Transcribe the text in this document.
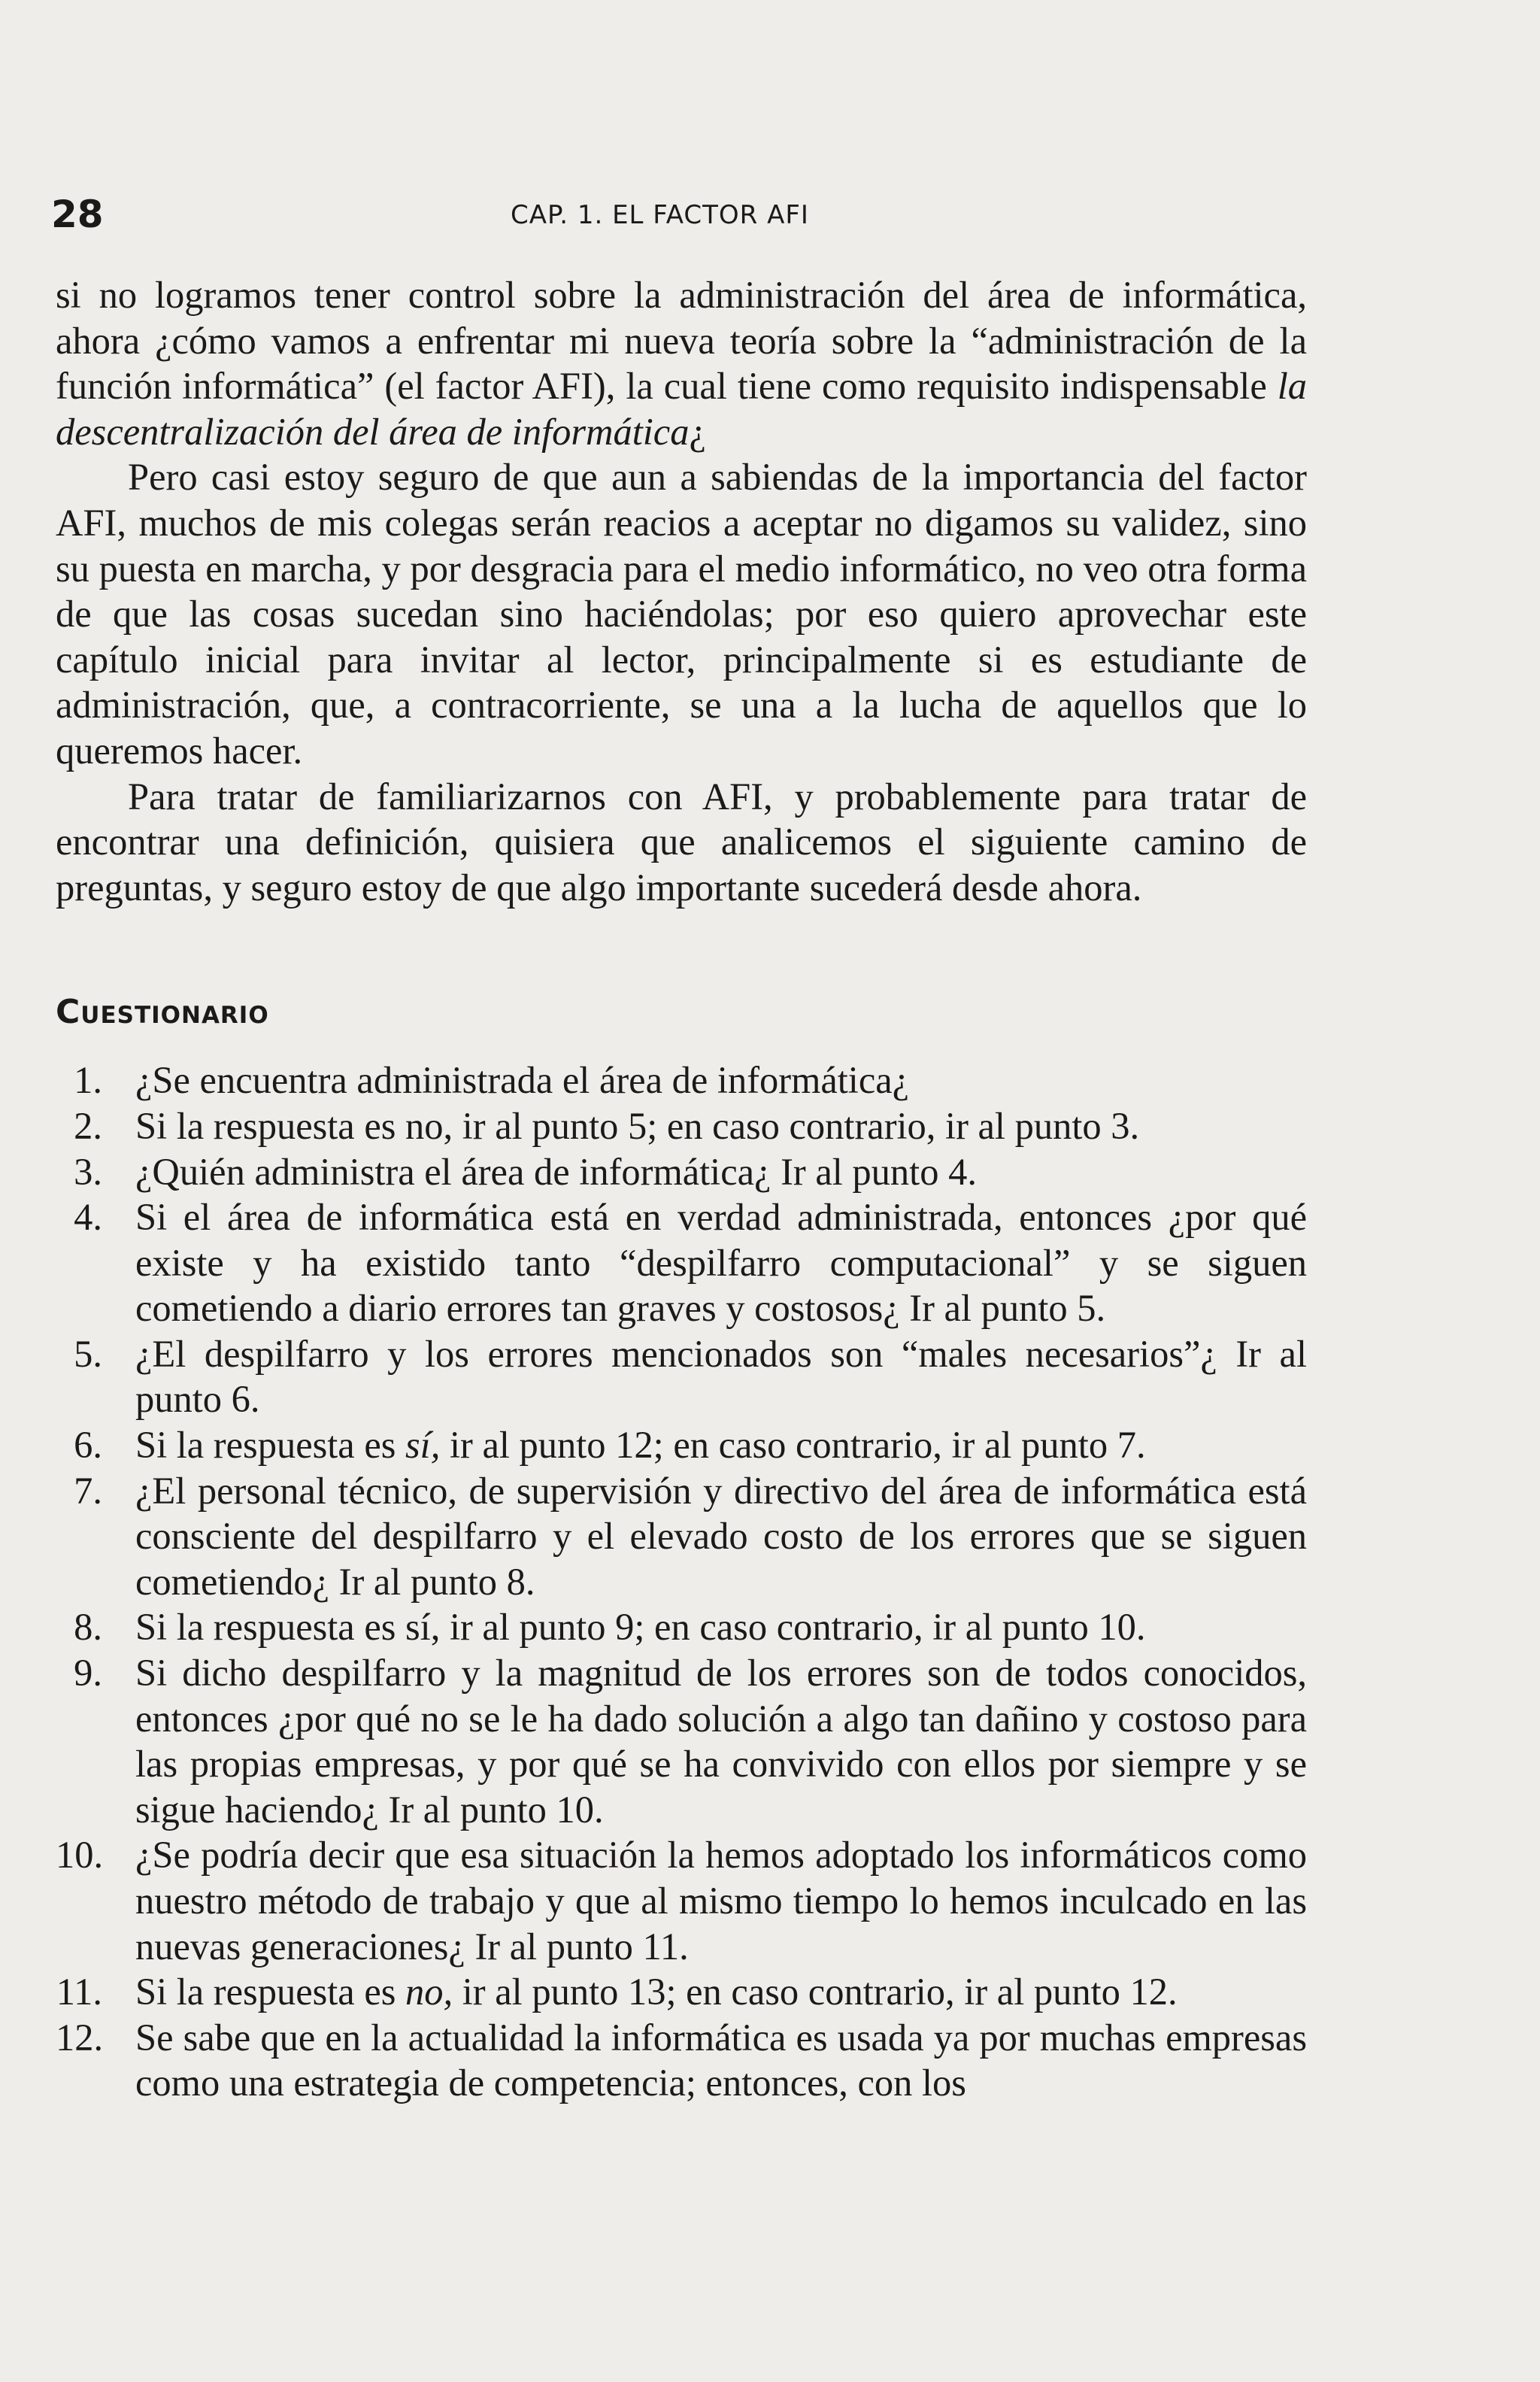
28	CAP. 1. EL FACTOR AFI

si no logramos tener control sobre la administración del área de informática, ahora ¿cómo vamos a enfrentar mi nueva teoría sobre la “administración de la función informática” (el factor AFI), la cual tiene como requisito indispensable la descentralización del área de informática¿

Pero casi estoy seguro de que aun a sabiendas de la importancia del factor AFI, muchos de mis colegas serán reacios a aceptar no digamos su validez, sino su puesta en marcha, y por desgracia para el medio informático, no veo otra forma de que las cosas sucedan sino haciéndolas; por eso quiero aprovechar este capítulo inicial para invitar al lector, principalmente si es estudiante de administración, que, a contracorriente, se una a la lucha de aquellos que lo queremos hacer.

Para tratar de familiarizarnos con AFI, y probablemente para tratar de encontrar una definición, quisiera que analicemos el siguiente camino de preguntas, y seguro estoy de que algo importante sucederá desde ahora.

Cuestionario
1. ¿Se encuentra administrada el área de informática¿
2. Si la respuesta es no, ir al punto 5; en caso contrario, ir al punto 3.
3. ¿Quién administra el área de informática¿ Ir al punto 4.
4. Si el área de informática está en verdad administrada, entonces ¿por qué existe y ha existido tanto “despilfarro computacional” y se siguen cometiendo a diario errores tan graves y costosos¿ Ir al punto 5.
5. ¿El despilfarro y los errores mencionados son “males necesarios”¿ Ir al punto 6.
6. Si la respuesta es sí, ir al punto 12; en caso contrario, ir al punto 7.
7. ¿El personal técnico, de supervisión y directivo del área de informática está consciente del despilfarro y el elevado costo de los errores que se siguen cometiendo¿ Ir al punto 8.
8. Si la respuesta es sí, ir al punto 9; en caso contrario, ir al punto 10.
9. Si dicho despilfarro y la magnitud de los errores son de todos conocidos, entonces ¿por qué no se le ha dado solución a algo tan dañino y costoso para las propias empresas, y por qué se ha convivido con ellos por siempre y se sigue haciendo¿ Ir al punto 10.
10. ¿Se podría decir que esa situación la hemos adoptado los informáticos como nuestro método de trabajo y que al mismo tiempo lo hemos inculcado en las nuevas generaciones¿ Ir al punto 11.
11. Si la respuesta es no, ir al punto 13; en caso contrario, ir al punto 12.
12. Se sabe que en la actualidad la informática es usada ya por muchas empresas como una estrategia de competencia; entonces, con los
